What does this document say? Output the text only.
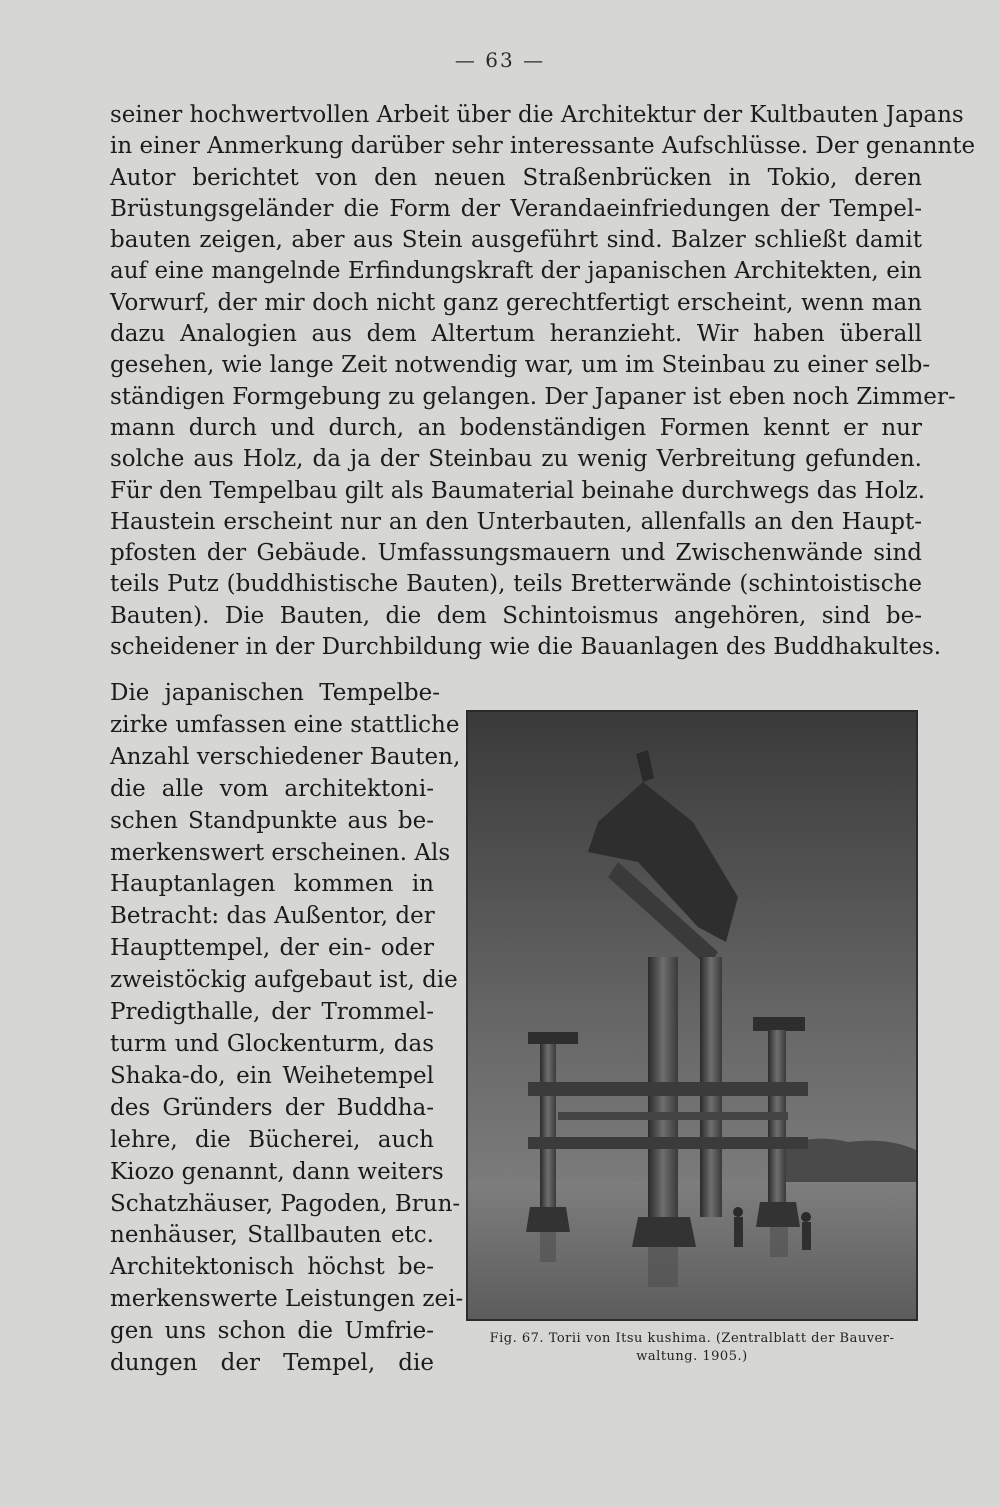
— 63 —
seiner hochwertvollen Arbeit über die Architektur der Kultbauten Japans
in einer Anmerkung darüber sehr interessante Aufschlüsse. Der genannte
Autor berichtet von den neuen Straßenbrücken in Tokio, deren
Brüstungsgeländer die Form der Verandaeinfriedungen der Tempel-
bauten zeigen, aber aus Stein ausgeführt sind. Balzer schließt damit
auf eine mangelnde Erfindungskraft der japanischen Architekten, ein
Vorwurf, der mir doch nicht ganz gerechtfertigt erscheint, wenn man
dazu Analogien aus dem Altertum heranzieht. Wir haben überall
gesehen, wie lange Zeit notwendig war, um im Steinbau zu einer selb-
ständigen Formgebung zu gelangen. Der Japaner ist eben noch Zimmer-
mann durch und durch, an bodenständigen Formen kennt er nur
solche aus Holz, da ja der Steinbau zu wenig Verbreitung gefunden.
Für den Tempelbau gilt als Baumaterial beinahe durchwegs das Holz.
Haustein erscheint nur an den Unterbauten, allenfalls an den Haupt-
pfosten der Gebäude. Umfassungsmauern und Zwischenwände sind
teils Putz (buddhistische Bauten), teils Bretterwände (schintoistische
Bauten). Die Bauten, die dem Schintoismus angehören, sind be-
scheidener in der Durchbildung wie die Bauanlagen des Buddhakultes.
Die japanischen Tempelbe-
zirke umfassen eine stattliche
Anzahl verschiedener Bauten,
die alle vom architektoni-
schen Standpunkte aus be-
merkenswert erscheinen. Als
Hauptanlagen kommen in
Betracht: das Außentor, der
Haupttempel, der ein- oder
zweistöckig aufgebaut ist, die
Predigthalle, der Trommel-
turm und Glockenturm, das
Shaka-do, ein Weihetempel
des Gründers der Buddha-
lehre, die Bücherei, auch
Kiozo genannt, dann weiters
Schatzhäuser, Pagoden, Brun-
nenhäuser, Stallbauten etc.
Architektonisch höchst be-
merkenswerte Leistungen zei-
gen uns schon die Umfrie-
dungen der Tempel, die
Fig. 67. Torii von Itsu kushima. (Zentralblatt der Bauver-
waltung. 1905.)
